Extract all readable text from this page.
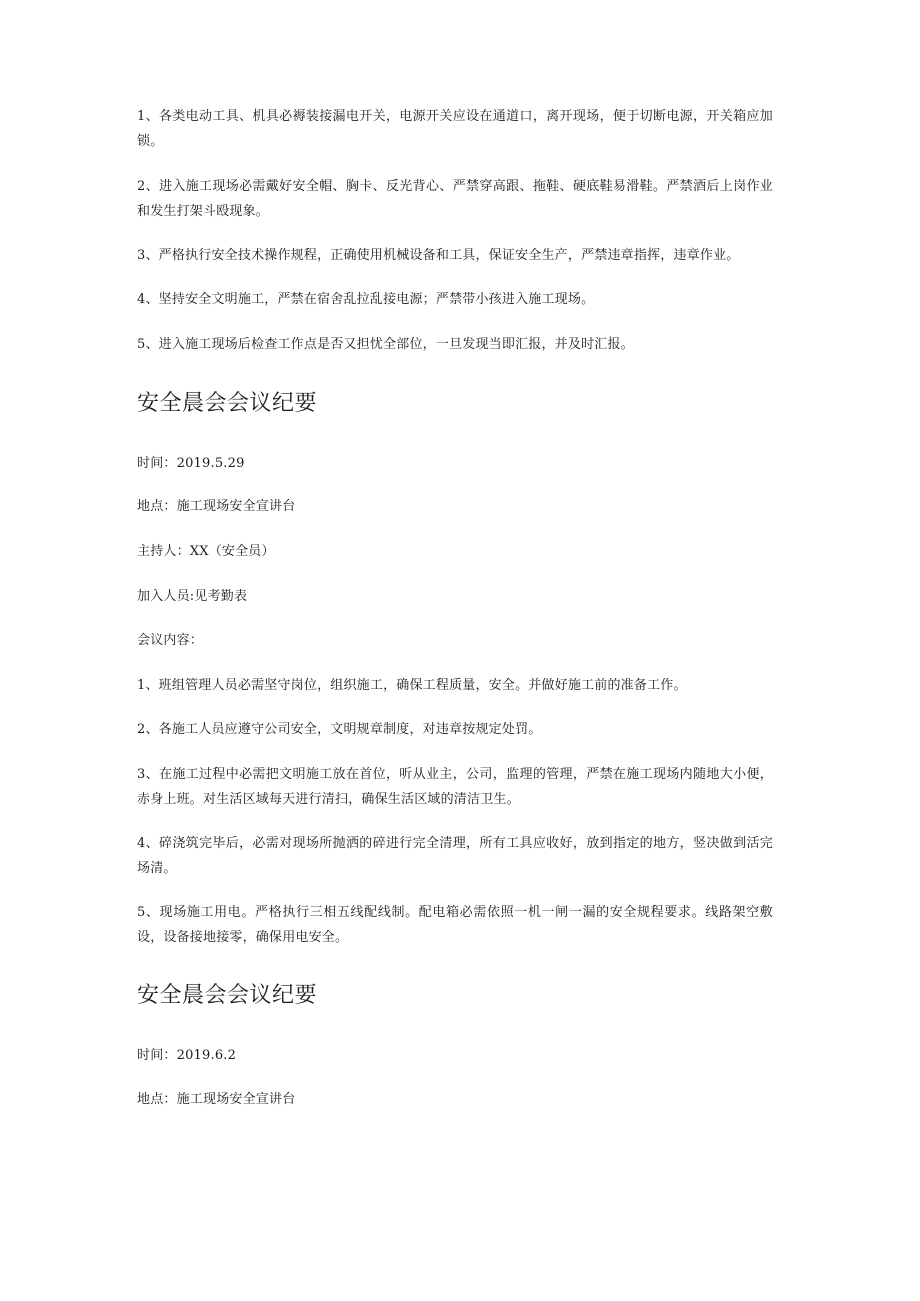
1、各类电动工具、机具必褥装接漏电开关，电源开关应设在通道口，离开现场，便于切断电源，开关箱应加锁。

2、进入施工现场必需戴好安全帽、胸卡、反光背心、严禁穿高跟、拖鞋、硬底鞋易滑鞋。严禁酒后上岗作业和发生打架斗殴现象。

3、严格执行安全技术操作规程，正确使用机械设备和工具，保证安全生产，严禁违章指挥，违章作业。

4、坚持安全文明施工，严禁在宿舍乱拉乱接电源；严禁带小孩进入施工现场。

5、进入施工现场后检查工作点是否又担忧全部位，一旦发现当即汇报，并及时汇报。

安全晨会会议纪要

时间：2019.5.29

地点：施工现场安全宣讲台

主持人：XX（安全员）

加入人员:见考勤表

会议内容：

1、班组管理人员必需坚守岗位，组织施工，确保工程质量，安全。并做好施工前的准备工作。

2、各施工人员应遵守公司安全，文明规章制度，对违章按规定处罚。

3、在施工过程中必需把文明施工放在首位，听从业主，公司，监理的管理，严禁在施工现场内随地大小便，赤身上班。对生活区域每天进行清扫，确保生活区域的清洁卫生。

4、碎浇筑完毕后，必需对现场所抛洒的碎进行完全清理，所有工具应收好，放到指定的地方，竖决做到活完场清。

5、现场施工用电。严格执行三相五线配线制。配电箱必需依照一机一闸一漏的安全规程要求。线路架空敷设，设备接地接零，确保用电安全。

安全晨会会议纪要

时间：2019.6.2

地点：施工现场安全宣讲台
